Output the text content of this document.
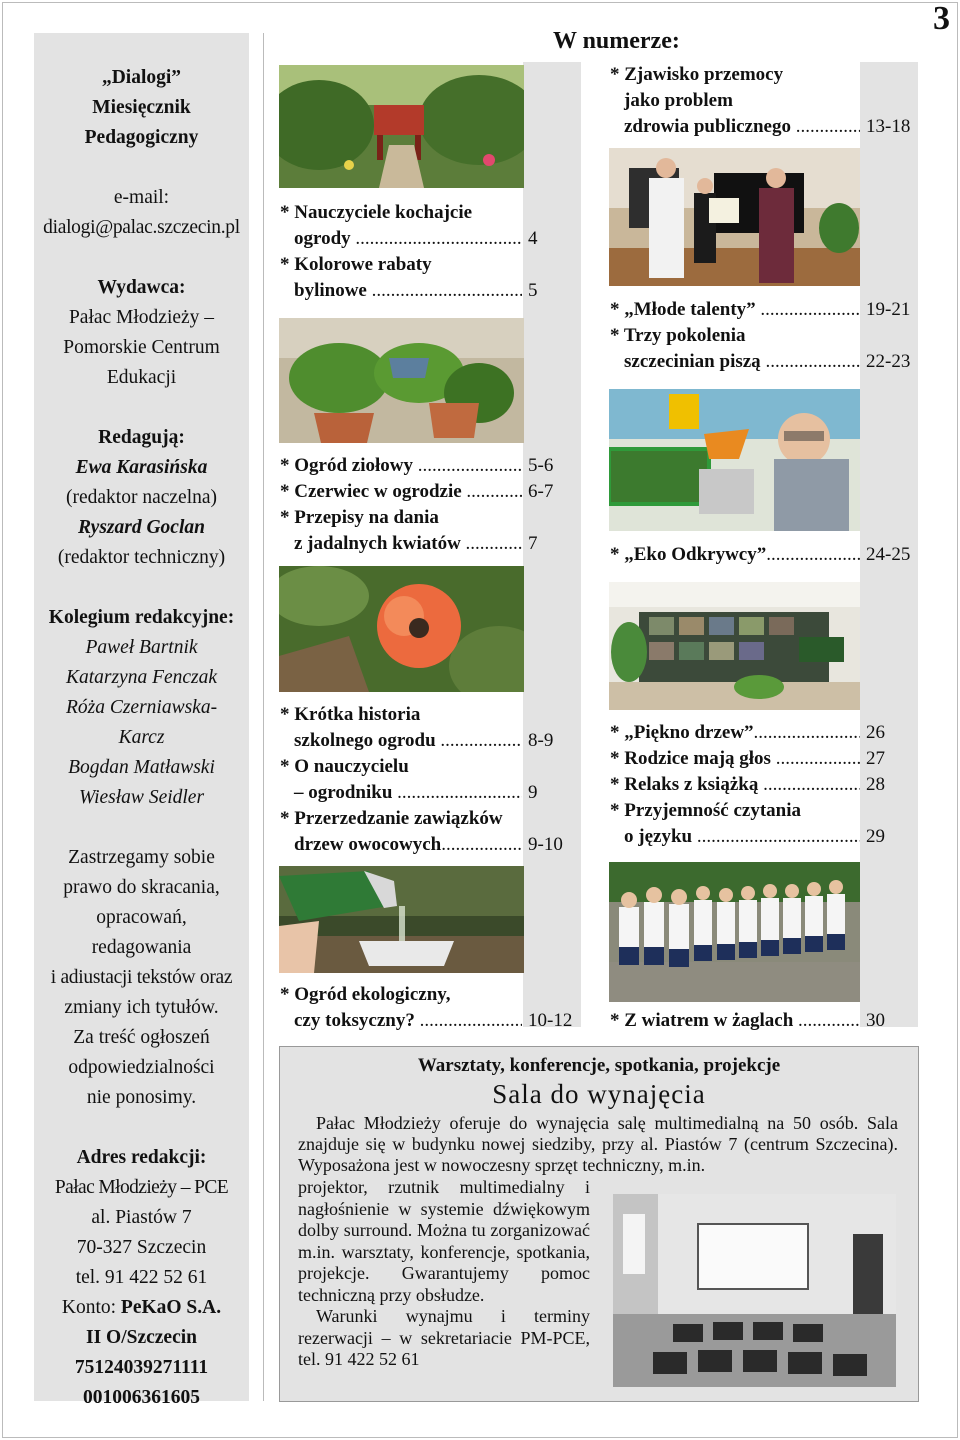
3
„Dialogi” Miesięcznik Pedagogiczny
e-mail:
dialogi@palac.szczecin.pl
Wydawca:
Pałac Młodzieży –
Pomorskie Centrum
Edukacji
Redagują:
Ewa Karasińska
(redaktor naczelna)
Ryszard Goclan
(redaktor techniczny)
Kolegium redakcyjne:
Paweł Bartnik
Katarzyna Fenczak
Róża Czerniawska-
Karcz
Bogdan Matławski
Wiesław Seidler
Zastrzegamy sobie
prawo do skracania,
opracowań,
redagowania
i adiustacji tekstów oraz
zmiany ich tytułów.
Za treść ogłoszeń
odpowiedzialności
nie ponosimy.
Adres redakcji:
Pałac Młodzieży – PCE
al. Piastów 7
70-327 Szczecin
tel. 91 422 52 61
Konto: PeKaO S.A.
II O/Szczecin
75124039271111
001006361605
W numerze:
* Nauczyciele kochajcie
ogrody .....	4
* Kolorowe rabaty
bylinowe .....	5
* Ogród ziołowy .....	5-6
* Czerwiec w ogrodzie .....	6-7
* Przepisy na dania
z jadalnych kwiatów .....	7
* Krótka historia
szkolnego ogrodu .....	8-9
* O nauczycielu
– ogrodniku .....	9
* Przerzedzanie zawiązków
drzew owocowych .....	9-10
* Ogród ekologiczny,
czy toksyczny? .....	10-12
* Zjawisko przemocy
jako problem
zdrowia publicznego .....	13-18
* „Młode talenty” .....	19-21
* Trzy pokolenia
szczecinian piszą .....	22-23
* „Eko Odkrywcy” .....	24-25
* „Piękno drzew” .....	26
* Rodzice mają głos .....	27
* Relaks z książką .....	28
* Przyjemność czytania
o języku .....	29
* Z wiatrem w żaglach .....	30
Warsztaty, konferencje, spotkania, projekcje
Sala do wynajęcia
Pałac Młodzieży oferuje do wynajęcia salę multimedialną na 50 osób. Sala znajduje się w budynku nowej siedziby, przy al. Piastów 7 (centrum Szczecina). Wyposażona jest w nowoczesny sprzęt techniczny, m.in.
projektor, rzutnik multimedialny i nagłośnienie w systemie dźwiękowym dolby surround. Można tu zorganizować m.in. warsztaty, konferencje, spotkania, projekcje. Gwarantujemy pomoc techniczną przy obsłudze.
Warunki wynajmu i terminy rezerwacji – w sekretariacie PM-PCE, tel. 91 422 52 61
